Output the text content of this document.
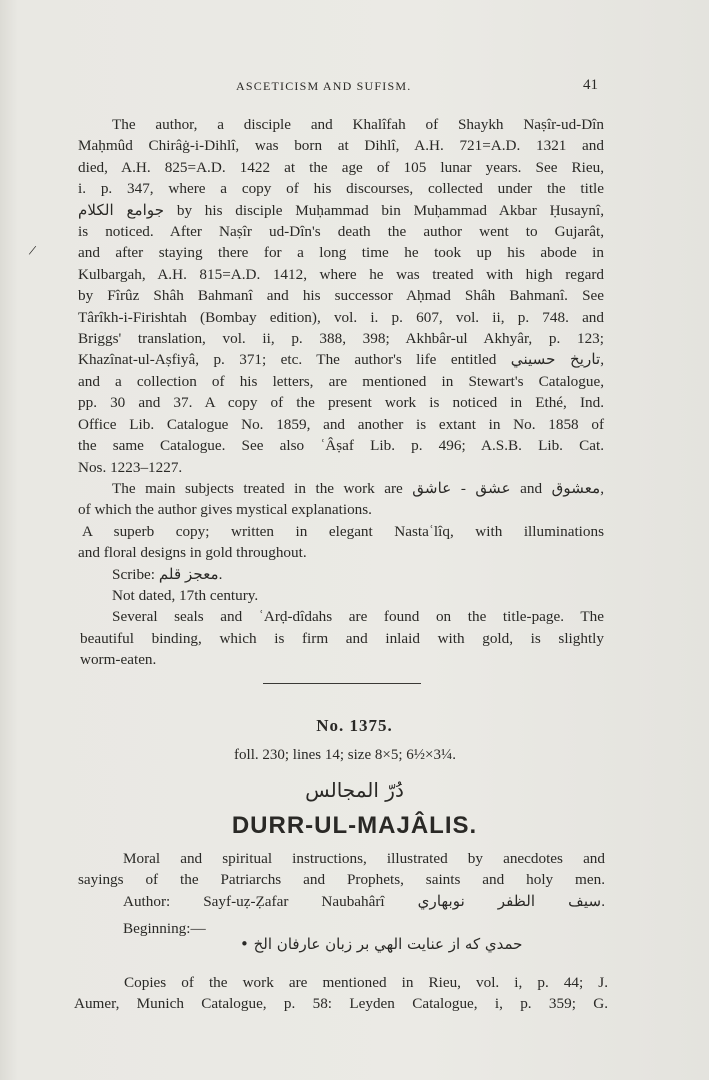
ASCETICISM AND SUFISM.	41
/

The author, a disciple and Khalîfah of Shaykh Naṣîr-ud-Dîn
Maḥmûd Chirâġ-i-Dihlî, was born at Dihlî, A.H. 721=A.D. 1321 and
died, A.H. 825=A.D. 1422 at the age of 105 lunar years. See Rieu,
i. p. 347, where a copy of his discourses, collected under the title
جوامع الكلام by his disciple Muḥammad bin Muḥammad Akbar Ḥusaynî,
is noticed. After Naṣîr ud-Dîn's death the author went to Gujarât,
and after staying there for a long time he took up his abode in
Kulbargah, A.H. 815=A.D. 1412, where he was treated with high regard
by Fîrûz Shâh Bahmanî and his successor Aḥmad Shâh Bahmanî. See
Târîkh-i-Firishtah (Bombay edition), vol. i. p. 607, vol. ii, p. 748. and
Briggs' translation, vol. ii, p. 388, 398; Akhbâr-ul Akhyâr, p. 123;
Khazînat-ul-Aṣfiyâ, p. 371; etc. The author's life entitled تاريخ حسيني,
and a collection of his letters, are mentioned in Stewart's Catalogue,
pp. 30 and 37. A copy of the present work is noticed in Ethé, Ind.
Office Lib. Catalogue No. 1859, and another is extant in No. 1858 of
the same Catalogue. See also ʿÂṣaf Lib. p. 496; A.S.B. Lib. Cat.
Nos. 1223–1227.

The main subjects treated in the work are عشق - عاشق and معشوق,
of which the author gives mystical explanations.

A superb copy; written in elegant Nastaʿlîq, with illuminations
and floral designs in gold throughout.

Scribe: معجز قلم.

Not dated, 17th century.

Several seals and ʿArḍ-dîdahs are found on the title-page. The
beautiful binding, which is firm and inlaid with gold, is slightly
worm-eaten.

No. 1375.
foll. 230; lines 14; size 8×5; 6½×3¼.
دُرّ المجالس
DURR-UL-MAJÂLIS.
Moral and spiritual instructions, illustrated by anecdotes and
sayings of the Patriarchs and Prophets, saints and holy men.
Author: Sayf-uẓ-Ẓafar Naubahârî سيف الظفر نوبهاري.
Beginning:—
حمدي كه از عنايت الهي بر زبان عارفان الخ •
Copies of the work are mentioned in Rieu, vol. i, p. 44; J.
Aumer, Munich Catalogue, p. 58: Leyden Catalogue, i, p. 359; G.
